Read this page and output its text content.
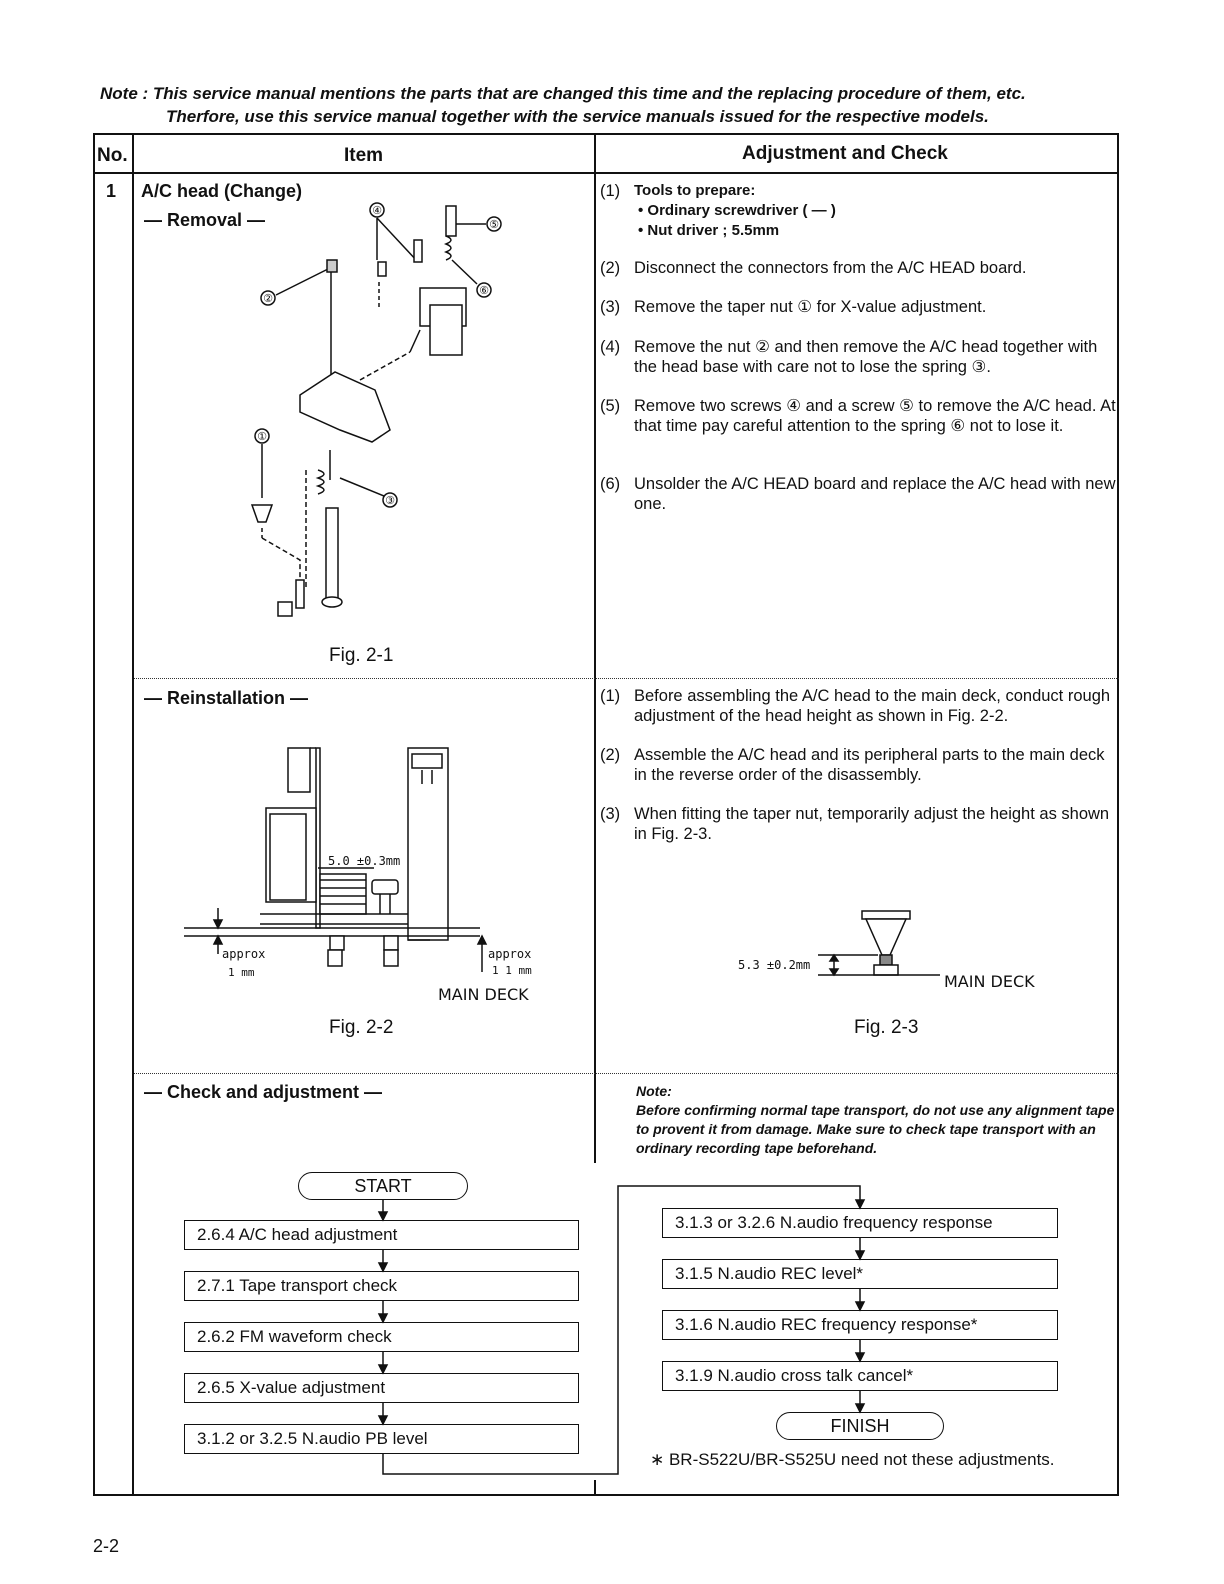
Note : This service manual mentions the parts that are changed this time and the replacing procedure of them, etc.
Therfore, use this service manual together with the service manuals issued for the respective models.
No.	Item	Adjustment and Check
1 A/C head (Change)
— Removal —	④
⑤
⑥
②
①
③
Fig. 2-1
(1) Tools to prepare:
• Ordinary screwdriver ( — )
• Nut driver ; 5.5mm
(2) Disconnect the connectors from the A/C HEAD board.
(3) Remove the taper nut ① for X-value adjustment.
(4) Remove the nut ② and then remove the A/C head together with the head base with care not to lose the spring ③.
(5) Remove two screws ④ and a screw ⑤ to remove the A/C head. At that time pay careful attention to the spring ⑥ not to lose it.
(6) Unsolder the A/C HEAD board and replace the A/C head with new one.
— Reinstallation —
5.0 ±0.3mm
approx
1 mm
approx
1 1 mm
MAIN DECK
Fig. 2-2
(1) Before assembling the A/C head to the main deck, conduct rough adjustment of the head height as shown in Fig. 2-2.
(2) Assemble the A/C head and its peripheral parts to the main deck in the reverse order of the disassembly.
(3) When fitting the taper nut, temporarily adjust the height as shown in Fig. 2-3.
5.3 ±0.2mm
MAIN DECK
Fig. 2-3
— Check and adjustment —	Note:
Before confirming normal tape transport, do not use any alignment tape to provent it from damage. Make sure to check tape transport with an ordinary recording tape beforehand.
START
2.6.4 A/C head adjustment
2.7.1 Tape transport check
2.6.2 FM waveform check
2.6.5 X-value adjustment
3.1.2 or 3.2.5 N.audio PB level
3.1.3 or 3.2.6 N.audio frequency response
3.1.5 N.audio REC level*
3.1.6 N.audio REC frequency response*
3.1.9 N.audio cross talk cancel*
FINISH
∗ BR-S522U/BR-S525U need not these adjustments.
2-2
